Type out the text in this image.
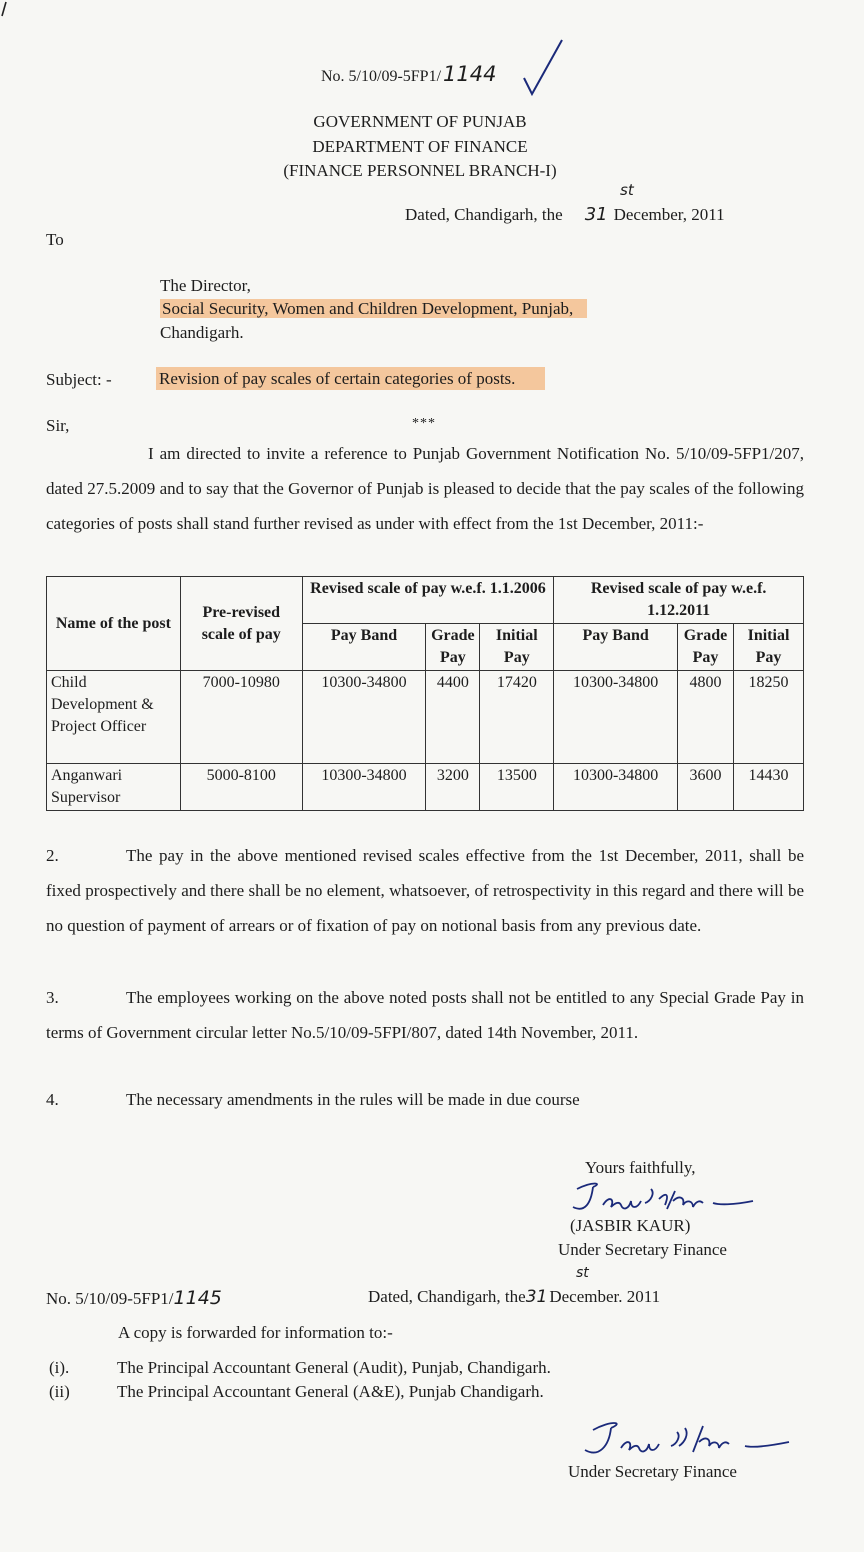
No. 5/10/09-5FP1/1144
GOVERNMENT OF PUNJAB
DEPARTMENT OF FINANCE
(FINANCE PERSONNEL BRANCH-I)
st
Dated, Chandigarh, the 31 December, 2011
To
The Director,
Social Security, Women and Children Development, Punjab,
Chandigarh.
Subject: -	Revision of pay scales of certain categories of posts.
Sir,	***
I am directed to invite a reference to Punjab Government Notification No. 5/10/09-5FP1/207, dated 27.5.2009 and to say that the Governor of Punjab is pleased to decide that the pay scales of the following categories of posts shall stand further revised as under with effect from the 1st December, 2011:-
Name of the post	Pre-revised scale of pay	Revised scale of pay w.e.f. 1.1.2006			Revised scale of pay w.e.f. 1.12.2011		
		Pay Band	Grade Pay	Initial Pay	Pay Band	Grade Pay	Initial Pay
Child Development & Project Officer	7000-10980	10300-34800	4400	17420	10300-34800	4800	18250
Anganwari Supervisor	5000-8100	10300-34800	3200	13500	10300-34800	3600	14430
2.	The pay in the above mentioned revised scales effective from the 1st December, 2011, shall be fixed prospectively and there shall be no element, whatsoever, of retrospectivity in this regard and there will be no question of payment of arrears or of fixation of pay on notional basis from any previous date.
3.	The employees working on the above noted posts shall not be entitled to any Special Grade Pay in terms of Government circular letter No.5/10/09-5FPI/807, dated 14th November, 2011.
4.	The necessary amendments in the rules will be made in due course
Yours faithfully,
(JASBIR KAUR)
Under Secretary Finance
No. 5/10/09-5FP1/1145
st
Dated, Chandigarh, the31 December. 2011
A copy is forwarded for information to:-
(i).	The Principal Accountant General (Audit), Punjab, Chandigarh.
(ii)	The Principal Accountant General (A&E), Punjab Chandigarh.
Under Secretary Finance
